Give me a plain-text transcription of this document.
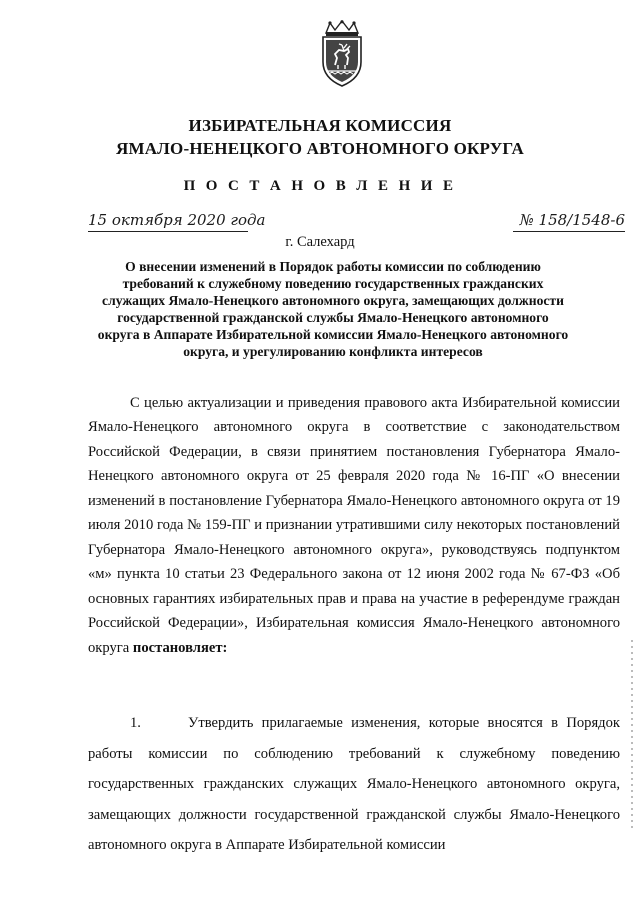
ИЗБИРАТЕЛЬНАЯ КОМИССИЯ
ЯМАЛО-НЕНЕЦКОГО АВТОНОМНОГО ОКРУГА
П О С Т А Н О В Л Е Н И Е
15 октября 2020 года	№ 158/1548-6
г. Салехард
О внесении изменений в Порядок работы комиссии по соблюдению требований к служебному поведению государственных гражданских служащих Ямало-Ненецкого автономного округа, замещающих должности государственной гражданской службы Ямало-Ненецкого автономного округа в Аппарате Избирательной комиссии Ямало-Ненецкого автономного округа, и урегулированию конфликта интересов
С целью актуализации и приведения правового акта Избирательной комиссии Ямало-Ненецкого автономного округа в соответствие с законодательством Российской Федерации, в связи принятием постановления Губернатора Ямало-Ненецкого автономного округа от 25 февраля 2020 года № 16-ПГ «О внесении изменений в постановление Губернатора Ямало-Ненецкого автономного округа от 19 июля 2010 года № 159-ПГ и признании утратившими силу некоторых постановлений Губернатора Ямало-Ненецкого автономного округа», руководствуясь подпунктом «м» пункта 10 статьи 23 Федерального закона от 12 июня 2002 года № 67-ФЗ «Об основных гарантиях избирательных прав и права на участие в референдуме граждан Российской Федерации», Избирательная комиссия Ямало-Ненецкого автономного округа постановляет:
1.	Утвердить прилагаемые изменения, которые вносятся в Порядок работы комиссии по соблюдению требований к служебному поведению государственных гражданских служащих Ямало-Ненецкого автономного округа, замещающих должности государственной гражданской службы Ямало-Ненецкого автономного округа в Аппарате Избирательной комиссии
